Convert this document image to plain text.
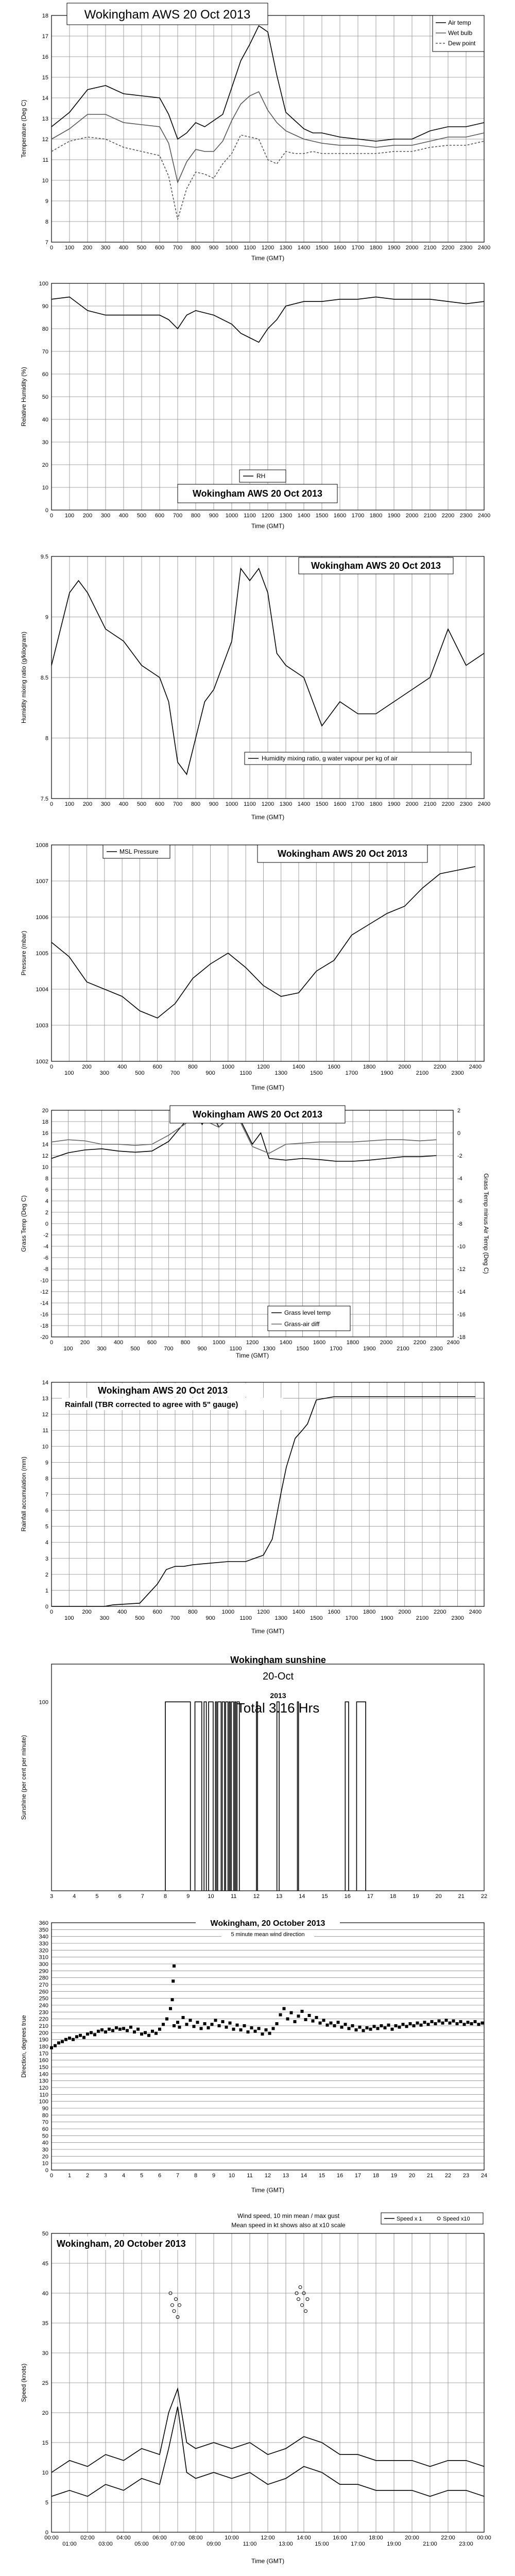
0 100 200 300 400 500 600 700 800 900 1000 1100 1200 1300 1400 1500 1600 1700 1800 1900 2000 2100 2200 2300 2400
7
8
9
10
11
12
13
14
15
16
17
18	Wokingham AWS 20 Oct 2013
Air temp
Wet bulb
Dew point
Time (GMT)
Temperature (Deg C)
0 100 200 300 400 500 600 700 800 900 1000 1100 1200 1300 1400 1500 1600 1700 1800 1900 2000 2100 2200 2300 2400
0
10
20
30
40
50
60
70
80
90
100
RH
Wokingham AWS 20 Oct 2013
Time (GMT)
Relative Humidity (%)
0 100 200 300 400 500 600 700 800 900 1000 1100 1200 1300 1400 1500 1600 1700 1800 1900 2000 2100 2200 2300 2400
7.5
8
8.5
9
9.5
Wokingham AWS 20 Oct 2013
Humidity mixing ratio, g water vapour per kg of air
Time (GMT)
Humidity mixing ratio (g/kilogram)
0
100
200
300
400
500
600
700
800
900
1000
1100
1200
1300
1400
1500
1600
1700
1800
1900
2000
2100
2200
2300
2400
1002
1003
1004
1005
1006
1007
1008
MSL Pressure	Wokingham AWS 20 Oct 2013
Time (GMT)
Pressure (mbar)
0
100
200
300
400
500
600
700
800
900
1000
1100
1200
1300
1400
1500
1600
1700
1800
1900
2000
2100
2200
2300
2400
-20
-18
-16
-14
-12
-10
-8
-6
-4
-2
0
2
4
6
8
10
12
14
16
18
20
-18
-16
-14
-12
-10
-8
-6
-4
-2
0
2
Wokingham AWS 20 Oct 2013
Grass level temp
Grass-air diff
Time (GMT)
Grass Temp (Deg C)	Grass Temp minus Air Temp (Deg C)
0
100
200
300
400
500
600
700
800
900
1000
1100
1200
1300
1400
1500
1600
1700
1800
1900
2000
2100
2200
2300
2400
0
1
2
3
4
5
6
7
8
9
10
11
12
13
14
Wokingham AWS 20 Oct 2013
Rainfall (TBR corrected to agree with 5" gauge)
Time (GMT)
Rainfall accumulation (mm)
3	4	5	6	7	8	9	10	11	12	13	14	15	16	17	18	19	20	21	22
100
Wokingham sunshine
20-Oct
2013
Total 3.16 Hrs
Sunshine (per cent per minute)
0	1	2	3	4	5	6	7	8	9 10 11 12 13 14 15 16 17 18 19 20 21 22 23 24
0
10
20
30
40
50
60
70
80
90
100
110
120
130
140
150
160
170
180
190
200
210
220
230
240
250
260
270
280
290
300
310
320
330
340
350
360	Wokingham, 20 October 2013
5 minute mean wind direction
Time (GMT)
Direction, degrees true
00:00
01:00
02:00
03:00
04:00
05:00
06:00
07:00
08:00
09:00
10:00
11:00
12:00
13:00
14:00
15:00
16:00
17:00
18:00
19:00
20:00
21:00
22:00
23:00
00:00
0
5
10
15
20
25
30
35
40
45
50
Wokingham, 20 October 2013
Wind speed, 10 min mean / max gust
Mean speed in kt shows also at x10 scale
Speed x 1	Speed x10
Time (GMT)
Speed (knots)
